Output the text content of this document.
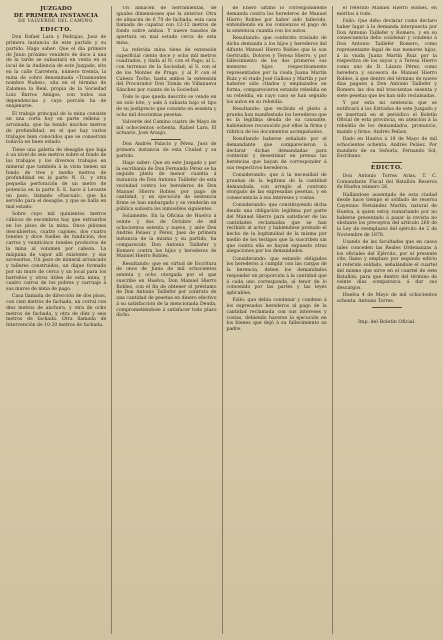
JUZGADO
DE PRIMERA INSTANCIA
DE VALVERDE DEL CAMINO.
EDICTO.

Don Rafael Lara y Pedrajas, Juez de primera instancia de este partido y su partido. Hago saber: Que el día primero de Junio próximo venidero de doce á una de la tarde se subastará en venta en el local de la Audiencia de este Juzgado, sito en la calle Carretera, número treinta, la mina de cobre denominada «Trasmontes nombre Nuñez», sita en el término de Zalamea la Real, propia de la Sociedad Luis Barros Amigos, con todos sus dependencias y cuya porción ha de enajenarse.

El trabajo principal de la mina consiste en una corta hoy en parte rellena y arruinada, que ha tenido muchos metros de profundidad, en el que hay varios trabajos bien conocidos que se conservan todavía en buen estado.

Tiene una galería de desagüe que baja á un nivel de seis metros sobre el fondo de los trabajos y los diversos trabajos en mineral que también á la vista tienen un fondo de tres y medio metros de profundidad en la parte N. O., y otra pequeña perforación de un metro de potencia en la parte S. E. hace á Levante un pozo, llamado «Pascual», que ha servido para el desagüe, y que se halla en mal estado.

Sobre cuyo mil quinientos metros cúbicos de escombros hay que extraerlos en los pisos de la mina. Once piñones descubiertos, cuatro cajones, dos cuatro toneles y doce fuelles de fundición, dos carros y veinticinco toneles productos de la mina al volumen por cabeza. La máquina de vapor allí existente, y sus accesorios, Un pozo de mineral arrancado y talleres construidos, un dique formado por un muro de cerca y un local para los barreños y otros útiles de esta mina, y cuatro carros de los pobres y carruaje á sus muros de mina de pago.

Casa llamada de dirección de dos pisos, con cien metros de fachada, un corral con diez metros de anchura, y otra de ocho metros de fachada, y otra de diez y seis metros de fachada. Otra llamada de Intervención de 10·20 metros de fachada.

Un almacén de herramientas, de iguales dimensiones que la anterior. Otra de almacén de 6 70 de fachada, esta casa llamada de capataz con 12-12 metros de fondo sobre ambas. Y nueve tasados de apertura en mal estado cerca de esta mina.

La referida mina tiene de extensión superficial ciento doce y ocho mil metros cuadrados, y linda al N. con el Pago; al L. con terrenos de la Sociedad; al S. con el de los Montes de Prugo, y al P. con el Cabezo Tocho, hasta ambos la extensión del Procurador Don Tomás de Villanueva Sánchez por cuanto de la Sociedad.

Todo lo que queda descrito se vende en un solo lote, y sale á subasta bajo el tipo de su justiprecio que consiste en sesenta y ocho mil doscientas pesetas.

Valverde del Camino cuatro de Mayo de mil ochocientos ochenta. Rafael Lara. El actuario, José Araujo.

Don Andrés Palacio y Pérez, Juez de primera instancia de esta Ciudad y su partido.

Hago saber: Que en este Juzgado y por la escribanía de Don Fernando Pérez se ha seguido pleito de menor cuantía á instancia de Don Antonio Taillefer de esta vecindad contra los herederos de Don Manuel Hierro Robles por pago de cantidad, y en ejecución de sentencia firme se han embargado y se venderán en pública subasta los inmuebles siguientes.

Solamente. En la Oficina de Huelva á veinte y dos de Octubre de mil ochocientos setenta y nueve, y ante Don Andrés Pelaez y Pérez, Juez de primera instancia de la misma y su partido, ha comparecido Don Antonio Taillefer y Romero contra los hijos y herederos de Manuel Hierro Robles.

Resultando: que en virtud de Escritura de once de Junio de mil ochocientos setenta y ocho otorgada por el que suscribe en Huelva, Don Manuel Hierro Robles, con el fin de obtener el préstamo de Don Antonio Taillefer por contrato de una cantidad de pesetas en dinero efectivo á su satisfacción de la mencionada Deuda, comprometiéndose á satisfacer todo plazo dicho.

de Enero último lo correspondiente demanda contra los herederos de Manuel Hierro Robles por haber sido fallecido, entendiendo en los comienzos el pago de la sentencia cuantía con los autos.

Resultando: que conferido traslado de dicha demanda á los hijos y herederos del difunto Manuel Hierro Robles que lo son Gertrudis, Dolores y Teresa Hierro, y por fallecimiento de los dos primeros sus menores hijos respectivamente representados por la viuda Juana Martín Ruiz y el viudo José Galloso y Martín y por haberse sido citados y emplazados en forma, comparecieron estando rebeldía en su rebeldía, en cuyo caso se han seguido los autos en su rebeldía.

Resultando: que recibido el pleito á prueba han manifestado los herederos que es la legítima deuda de su causante, habiéndose reconocido por ellos la firma y rúbrica de los documentos acompañados.

Resultando haberse señalado por el demandante que comparecieron á declarar dichas demandadas para contestar y desestimar en prensa las herencias que hayan de corresponder á sus respectivos herederos.

Considerando: que á la necesidad de pruebas de la legítima de la cantidad demandada, con arreglo al contrato otorgado de las expresadas pesetas, y en consecuencia á sus intereses y costas.

Considerando: que constituyendo dicha deuda una obligación legítima por parte del Manuel Hierro para satisfacer de las cantidades reclamadas que se han recibido al actor, y habiéndose probado el hecho de la legitimidad de la misma por medio de los testigos que la suscriben sin que contra ella se hayan expuesto otras alegaciones por los demandados.

Considerando: que estando obligados los herederos á cumplir con las cargas de la herencia, deben los demandados responder en proporción á la cantidad que á cada uno corresponda, al tenor de lo convenido por las partes y las leyes aplicables.

Fallo: que debía condenar y condeno á los expresados herederos al pago de la cantidad reclamada con sus intereses y costas, debiendo hacerse la ejecución en los bienes que dejó á su fallecimiento su padre.

el referido Manuel Hierro Robles, en méritos á todo.

Fallo: Que debo declarar como declaro haber lugar á la demanda interpuesta por Don Antonio Taillefer y Romero, y en su consecuencia debo condenar y condeno á Don Antonio Taillefer Romero, como representante legal de sus menores hijos, á la viuda Juana Martín Ruiz por la respectiva de los suyos y á Teresa Hierro como uno de D. Lázaro Pérez, como heredera y sucesora de Manuel Hierro Robles, á que dentro del término de nueve días paguen á Don Antonio Taillefer y Romero las dos mil trescientas sesenta y siete pesetas que les han sido reclamadas.

Y por esta mi sentencia que se notificará á los Estrados de este Juzgado y se insertará en el periódico el Boletín Oficial de esta provincia, en atención á la rebeldía de los demandados, pronuncio, mando y firmo. Andrés Peláez.

Dado en Huelva á 18 de Mayo de mil ochocientos ochenta. Andrés Peláez. Por mandato de su Señoría, Fernando Sol, Escribano.

EDICTO.

Don Antonio Torres Arias, T. C. Comandante Fiscal del Batallón Reserva de Huelva número 26.

Hallándose ausentado de esta ciudad desde hace tiempo el soldado de reserva Cayetano Fernández Martín, natural de Huelva, á quien estoy sumariando por no haberse presentado á pasar la revista no obstante los preceptos del artículo 260 de la Ley de reemplazos del ejército de 2 de Noviembre de 1878.

Usando de las facultades que en casos tales conceden las Reales Ordenanzas á los oficiales del Ejército, por el presente cito, llamo y emplazo por segundo edicto al referido soldado, señalándole el cuartel del mismo que sirve en el cuartel de este Batallón, para que dentro del término de veinte días comparezca á dar sus descargos.

Huelva 4 de Mayo de mil ochocientos ochenta. Antonio Torres.

Imp. del Boletín Oficial.
